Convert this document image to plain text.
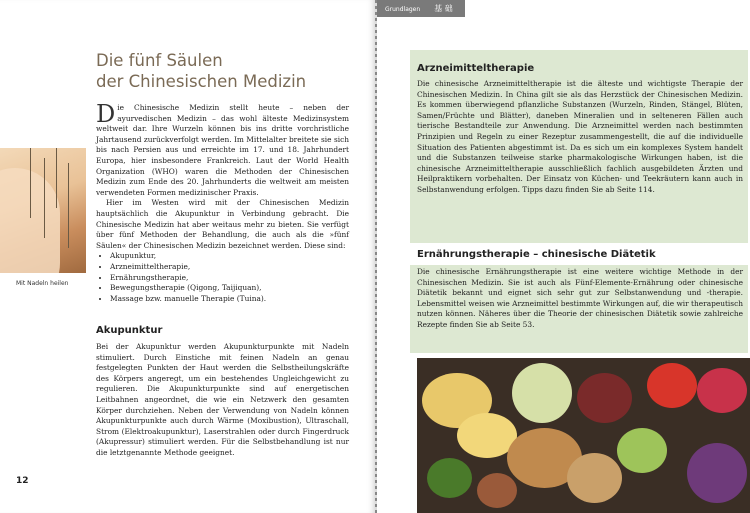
Die fünf Säulen
der Chinesischen Medizin

Die Chinesische Medizin stellt heute – neben der ayurvedischen Medizin – das wohl älteste Medizinsystem weltweit dar. Ihre Wurzeln können bis ins dritte vorchristliche Jahrtausend zurückverfolgt werden. Im Mittelalter breitete sie sich bis nach Persien aus und erreichte im 17. und 18. Jahrhundert Europa, hier insbesondere Frankreich. Laut der World Health Organization (WHO) waren die Methoden der Chinesischen Medizin zum Ende des 20. Jahrhunderts die weltweit am meisten verwendeten Formen medizinischer Praxis.

Hier im Westen wird mit der Chinesischen Medizin hauptsächlich die Akupunktur in Verbindung gebracht. Die Chinesische Medizin hat aber weitaus mehr zu bieten. Sie verfügt über fünf Methoden der Behandlung, die auch als die »fünf Säulen« der Chinesischen Medizin bezeichnet werden. Diese sind:

• Akupunktur,
• Arzneimitteltherapie,
• Ernährungstherapie,
• Bewegungstherapie (Qigong, Taijiquan),
• Massage bzw. manuelle Therapie (Tuina).
Mit Nadeln heilen
Akupunktur

Bei der Akupunktur werden Akupunkturpunkte mit Nadeln stimuliert. Durch Einstiche mit feinen Nadeln an genau festgelegten Punkten der Haut werden die Selbstheilungskräfte des Körpers angeregt, um ein bestehendes Ungleichgewicht zu regulieren. Die Akupunkturpunkte sind auf energetischen Leitbahnen angeordnet, die wie ein Netzwerk den gesamten Körper durchziehen. Neben der Verwendung von Nadeln können Akupunkturpunkte auch durch Wärme (Moxibustion), Ultraschall, Strom (Elektroakupunktur), Laserstrahlen oder durch Fingerdruck (Akupressur) stimuliert werden. Für die Selbstbehandlung ist nur die letztgenannte Methode geeignet.

12
Grundlagen 基 础
Arzneimitteltherapie

Die chinesische Arzneimitteltherapie ist die älteste und wichtigste Therapie der Chinesischen Medizin. In China gilt sie als das Herzstück der Chinesischen Medizin. Es kommen überwiegend pflanzliche Substanzen (Wurzeln, Rinden, Stängel, Blüten, Samen/Früchte und Blätter), daneben Mineralien und in selteneren Fällen auch tierische Bestandteile zur Anwendung. Die Arzneimittel werden nach bestimmten Prinzipien und Regeln zu einer Rezeptur zusammengestellt, die auf die individuelle Situation des Patienten abgestimmt ist. Da es sich um ein komplexes System handelt und die Substanzen teilweise starke pharmakologische Wirkungen haben, ist die chinesische Arzneimitteltherapie ausschließlich fachlich ausgebildeten Ärzten und Heilpraktikern vorbehalten. Der Einsatz von Küchen- und Teekräutern kann auch in Selbstanwendung erfolgen. Tipps dazu finden Sie ab Seite 114.

Ernährungstherapie – chinesische Diätetik

Die chinesische Ernährungstherapie ist eine weitere wichtige Methode in der Chinesischen Medizin. Sie ist auch als Fünf-Elemente-Ernährung oder chinesische Diätetik bekannt und eignet sich sehr gut zur Selbstanwendung und -therapie. Lebensmittel weisen wie Arzneimittel bestimmte Wirkungen auf, die wir therapeutisch nutzen können. Näheres über die Theorie der chinesischen Diätetik sowie zahlreiche Rezepte finden Sie ab Seite 53.
